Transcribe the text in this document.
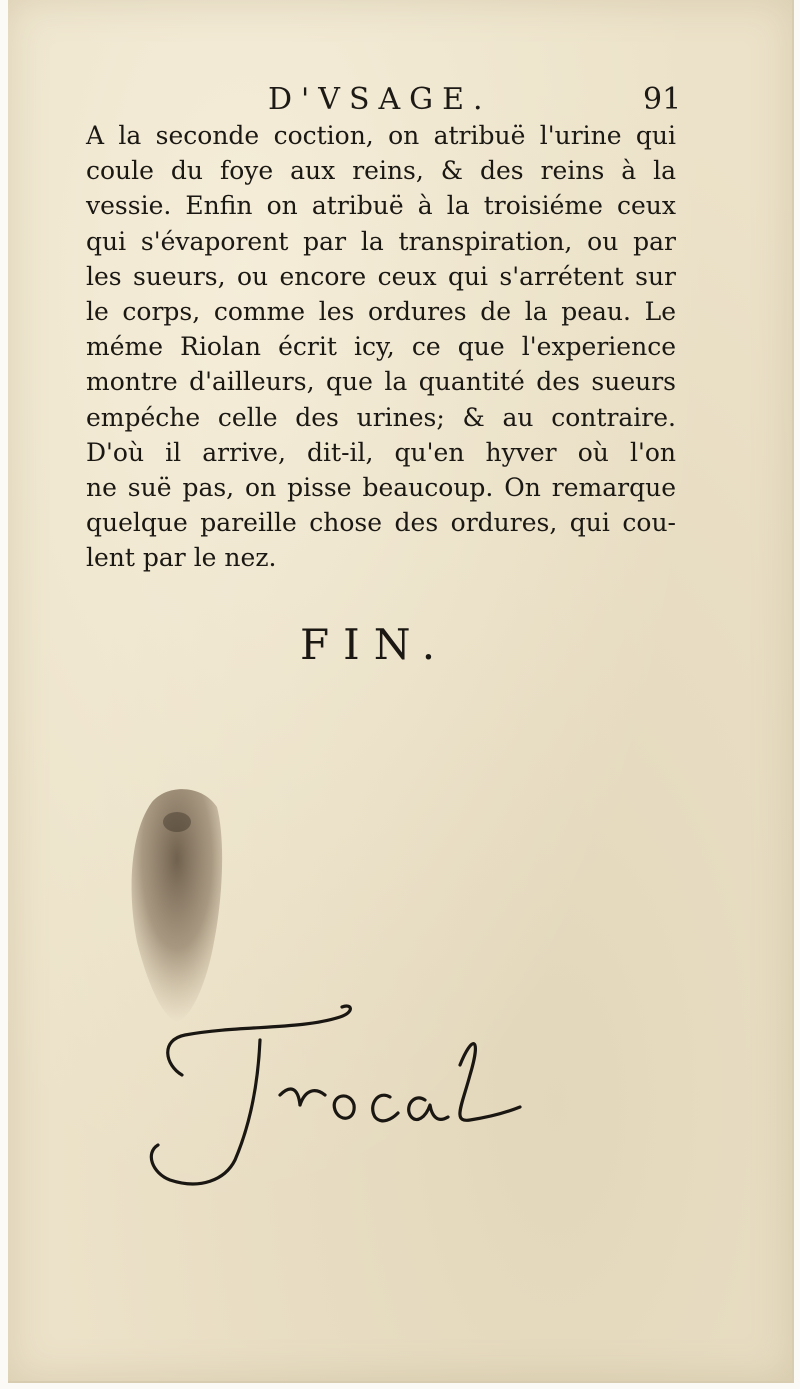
D'VSAGE.	91
A la seconde coction, on atribuë l'urine qui
coule du foye aux reins, & des reins à la
vessie. Enfin on atribuë à la troisiéme ceux
qui s'évaporent par la transpiration, ou par
les sueurs, ou encore ceux qui s'arrétent sur
le corps, comme les ordures de la peau. Le
méme Riolan écrit icy, ce que l'experience
montre d'ailleurs, que la quantité des sueurs
empéche celle des urines; & au contraire.
D'où il arrive, dit-il, qu'en hyver où l'on
ne suë pas, on pisse beaucoup. On remarque
quelque pareille chose des ordures, qui cou-
lent par le nez.
FIN.
